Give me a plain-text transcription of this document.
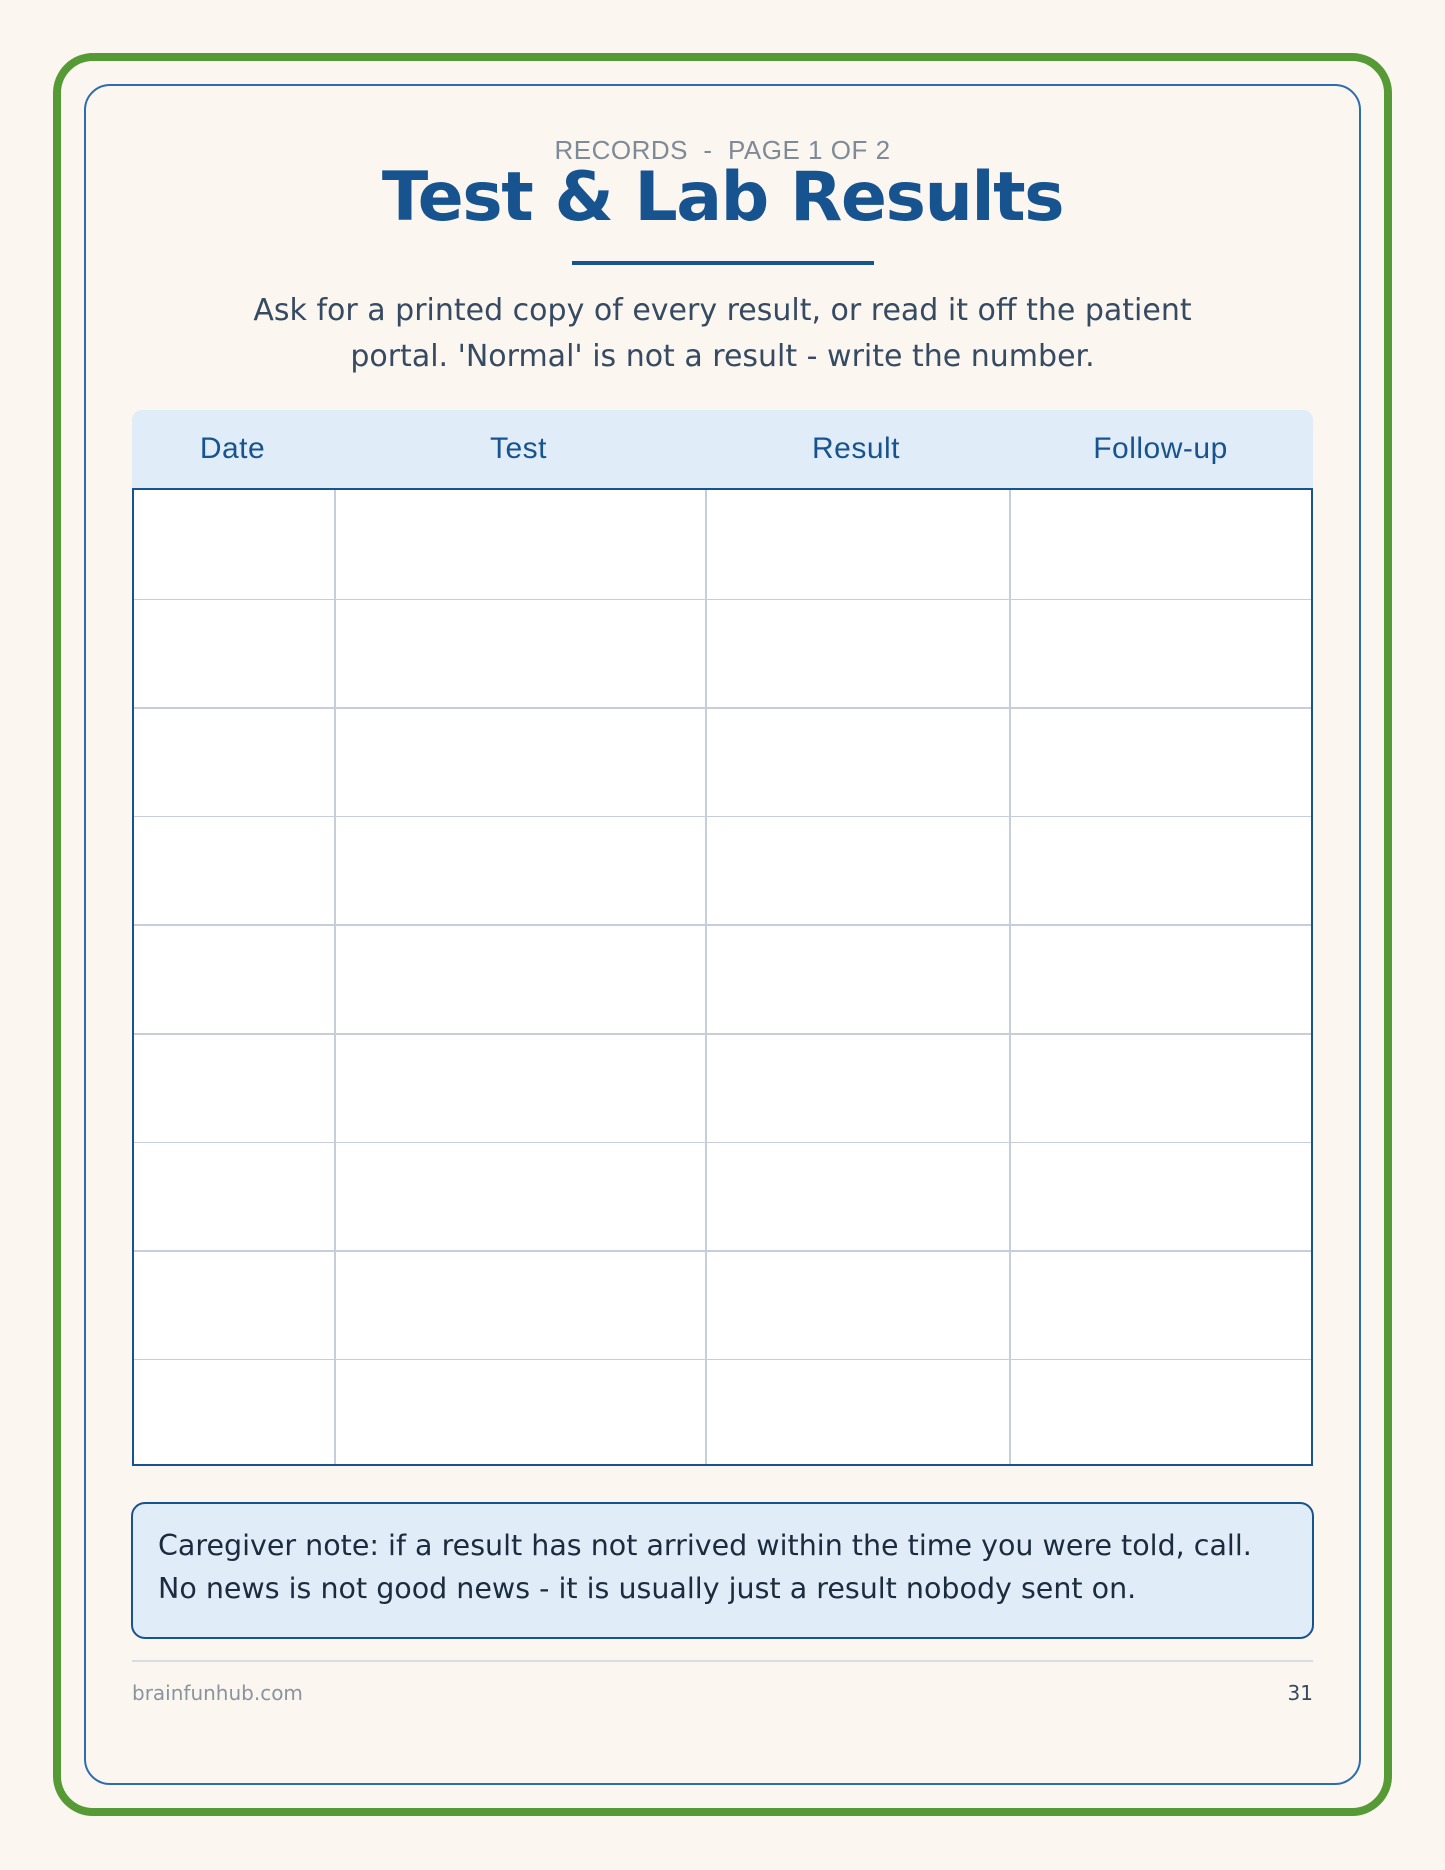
RECORDS  -  PAGE 1 OF 2
Test & Lab Results
Ask for a printed copy of every result, or read it off the patient
portal. 'Normal' is not a result - write the number.
Date	Test	Result	Follow-up
Caregiver note: if a result has not arrived within the time you were told, call.
No news is not good news - it is usually just a result nobody sent on.
brainfunhub.com	31
